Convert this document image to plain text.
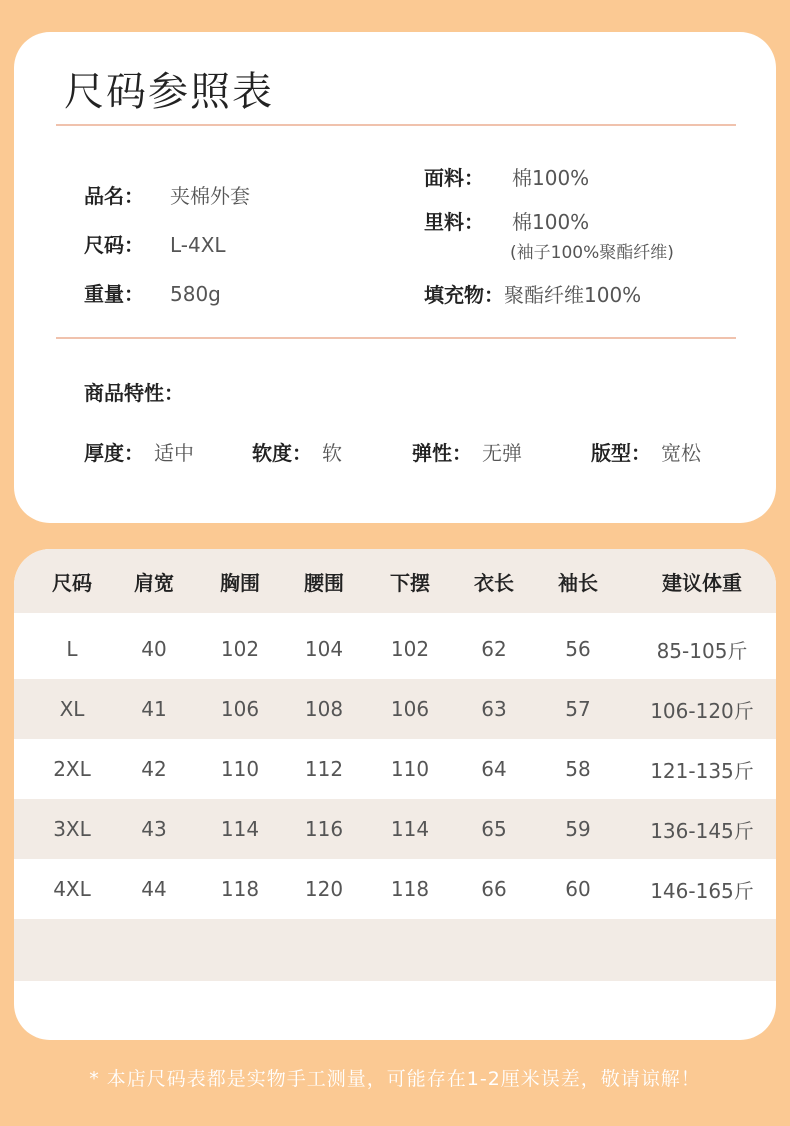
尺码参照表
品名： 夹棉外套
尺码： L-4XL
重量： 580g
面料： 棉100%
里料： 棉100%
(袖子100%聚酯纤维)
填充物：聚酯纤维100%
商品特性：
厚度： 适中	软度： 软	弹性： 无弹	版型： 宽松
尺码	肩宽	胸围	腰围	下摆	衣长	袖长	建议体重
L	40	102	104	102	62	56	85-105斤
XL	41	106	108	106	63	57	106-120斤
2XL	42	110	112	110	64	58	121-135斤
3XL	43	114	116	114	65	59	136-145斤
4XL	44	118	120	118	66	60	146-165斤
* 本店尺码表都是实物手工测量，可能存在1-2厘米误差，敬请谅解！
